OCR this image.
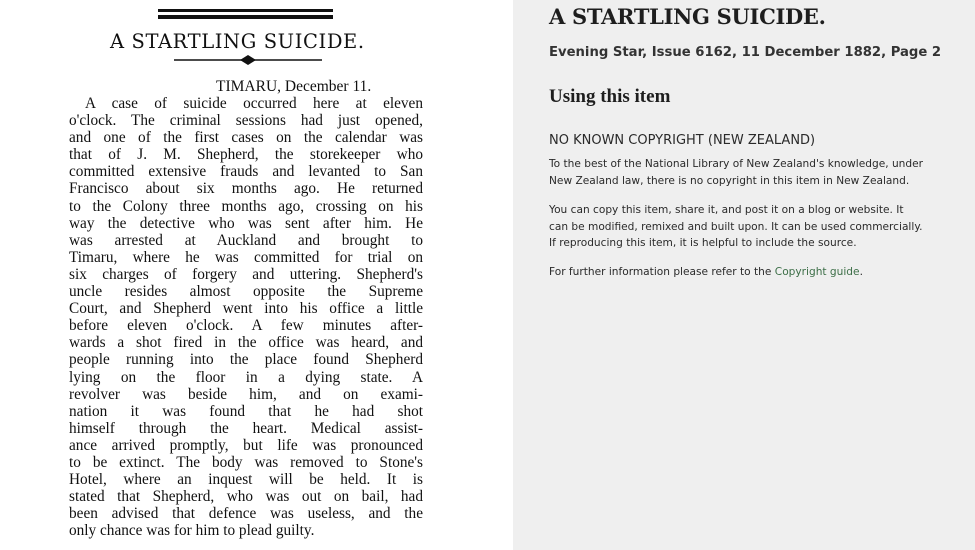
A STARTLING SUICIDE.
TIMARU, December 11.
A case of suicide occurred here at eleven
o'clock. The criminal sessions had just opened,
and one of the first cases on the calendar was
that of J. M. Shepherd, the storekeeper who
committed extensive frauds and levanted to San
Francisco about six months ago. He returned
to the Colony three months ago, crossing on his
way the detective who was sent after him. He
was arrested at Auckland and brought to
Timaru, where he was committed for trial on
six charges of forgery and uttering. Shepherd's
uncle resides almost opposite the Supreme
Court, and Shepherd went into his office a little
before eleven o'clock. A few minutes after-
wards a shot fired in the office was heard, and
people running into the place found Shepherd
lying on the floor in a dying state. A
revolver was beside him, and on exami-
nation it was found that he had shot
himself through the heart. Medical assist-
ance arrived promptly, but life was pronounced
to be extinct. The body was removed to Stone's
Hotel, where an inquest will be held. It is
stated that Shepherd, who was out on bail, had
been advised that defence was useless, and the
only chance was for him to plead guilty.
A STARTLING SUICIDE.

Evening Star, Issue 6162, 11 December 1882, Page 2

Using this item

NO KNOWN COPYRIGHT (NEW ZEALAND)

To the best of the National Library of New Zealand's knowledge, under New Zealand law, there is no copyright in this item in New Zealand.

You can copy this item, share it, and post it on a blog or website. It can be modified, remixed and built upon. It can be used commercially. If reproducing this item, it is helpful to include the source.

For further information please refer to the Copyright guide.
